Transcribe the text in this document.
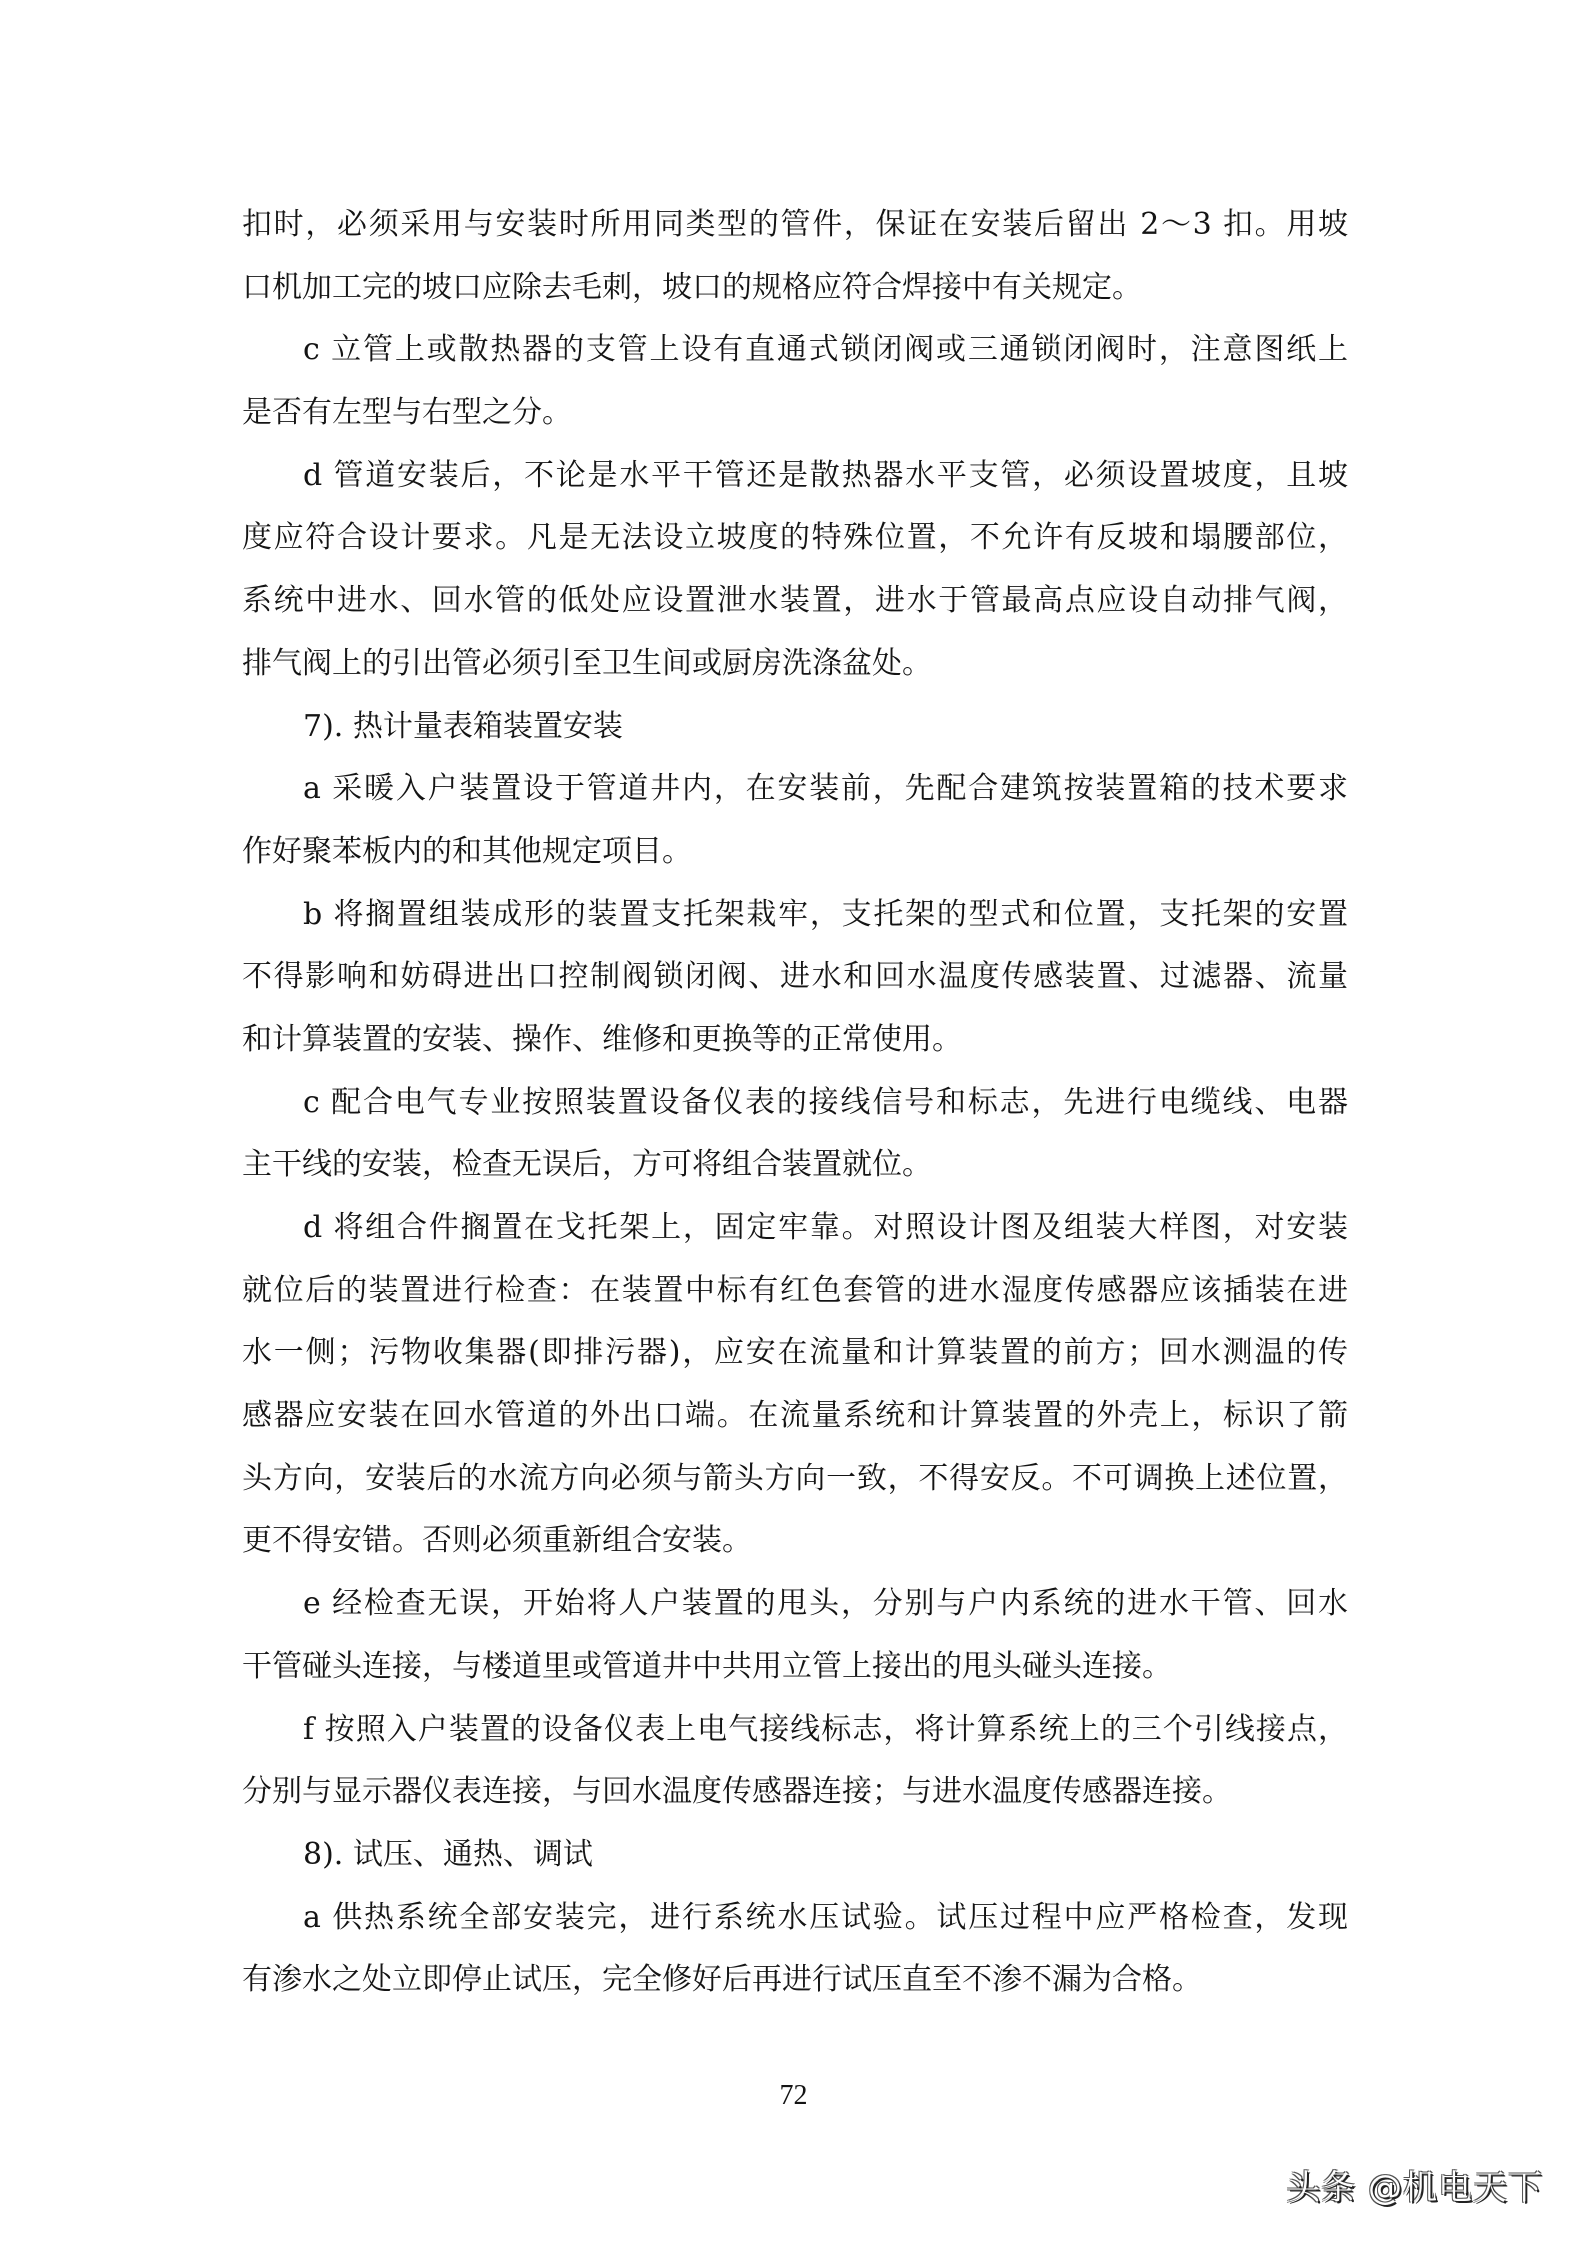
扣时，必须采用与安装时所用同类型的管件，保证在安装后留出 2～3 扣。用坡
口机加工完的坡口应除去毛刺，坡口的规格应符合焊接中有关规定。
c 立管上或散热器的支管上设有直通式锁闭阀或三通锁闭阀时，注意图纸上
是否有左型与右型之分。
d 管道安装后，不论是水平干管还是散热器水平支管，必须设置坡度，且坡
度应符合设计要求。凡是无法设立坡度的特殊位置，不允许有反坡和塌腰部位，
系统中进水、回水管的低处应设置泄水装置，进水于管最高点应设自动排气阀，
排气阀上的引出管必须引至卫生间或厨房洗涤盆处。
7). 热计量表箱装置安装
a 采暖入户装置设于管道井内，在安装前，先配合建筑按装置箱的技术要求
作好聚苯板内的和其他规定项目。
b 将搁置组装成形的装置支托架栽牢，支托架的型式和位置，支托架的安置
不得影响和妨碍进出口控制阀锁闭阀、进水和回水温度传感装置、过滤器、流量
和计算装置的安装、操作、维修和更换等的正常使用。
c 配合电气专业按照装置设备仪表的接线信号和标志，先进行电缆线、电器
主干线的安装，检查无误后，方可将组合装置就位。
d 将组合件搁置在戈托架上，固定牢靠。对照设计图及组装大样图，对安装
就位后的装置进行检查：在装置中标有红色套管的进水湿度传感器应该插装在进
水一侧；污物收集器(即排污器)，应安在流量和计算装置的前方；回水测温的传
感器应安装在回水管道的外出口端。在流量系统和计算装置的外壳上，标识了箭
头方向，安装后的水流方向必须与箭头方向一致，不得安反。不可调换上述位置，
更不得安错。否则必须重新组合安装。
e 经检查无误，开始将人户装置的甩头，分别与户内系统的进水干管、回水
干管碰头连接，与楼道里或管道井中共用立管上接出的甩头碰头连接。
f 按照入户装置的设备仪表上电气接线标志，将计算系统上的三个引线接点，
分别与显示器仪表连接，与回水温度传感器连接；与进水温度传感器连接。
8). 试压、通热、调试
a 供热系统全部安装完，进行系统水压试验。试压过程中应严格检查，发现
有渗水之处立即停止试压，完全修好后再进行试压直至不渗不漏为合格。
72
头条 @机电天下
